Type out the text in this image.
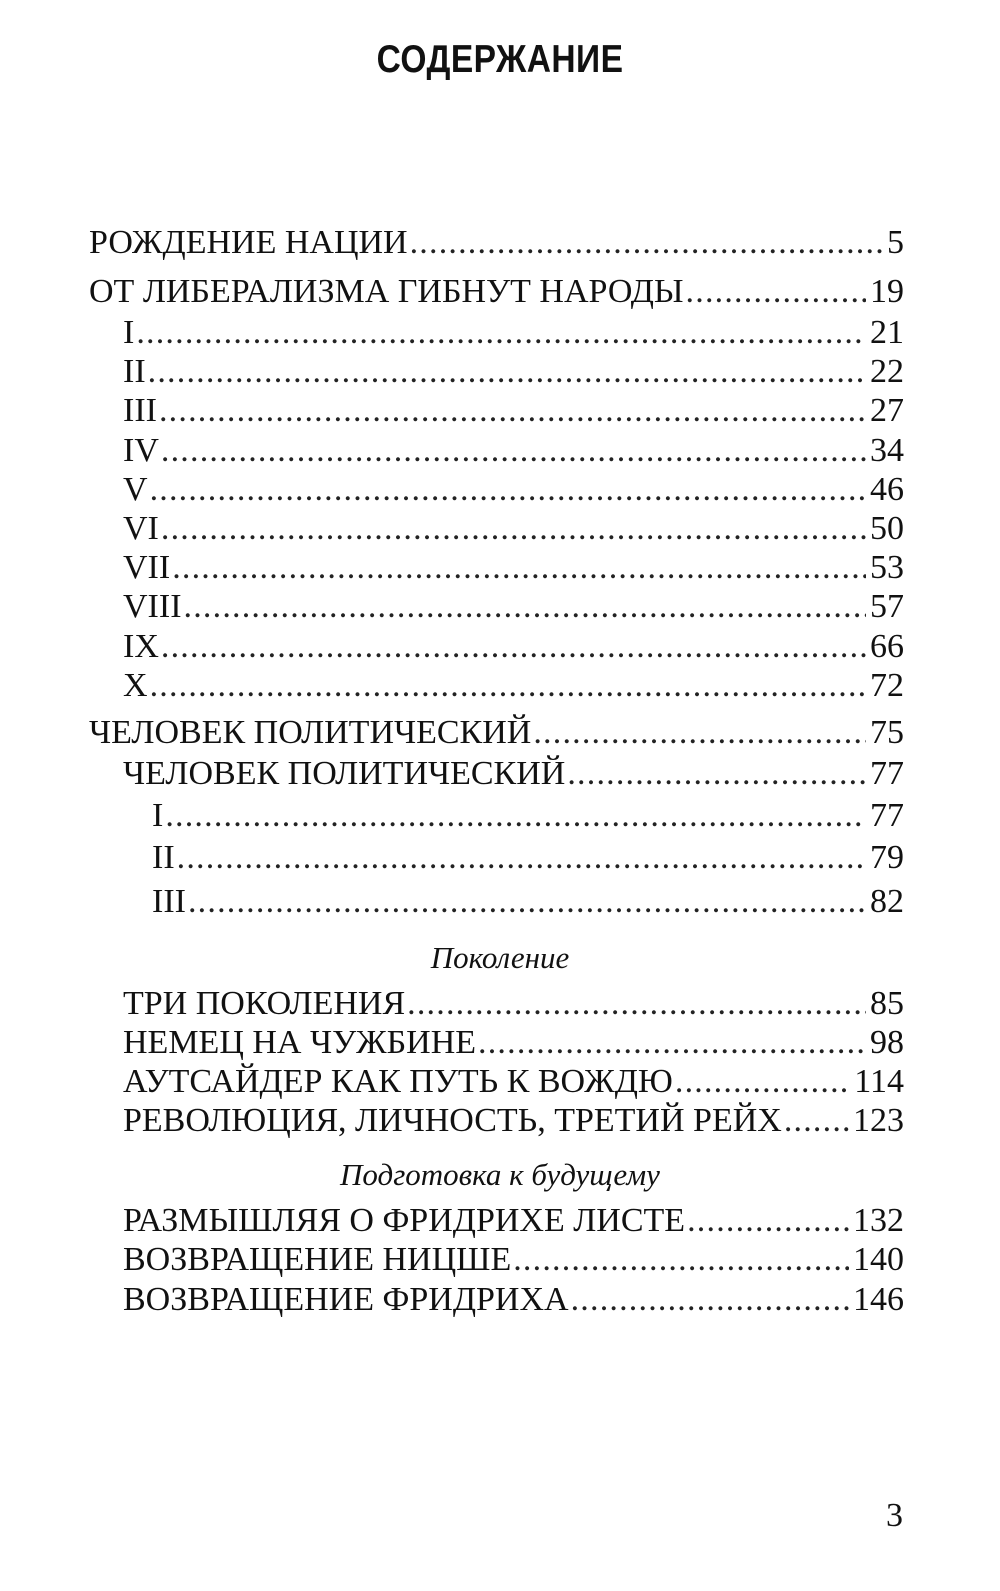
СОДЕРЖАНИЕ
РОЖДЕНИЕ НАЦИИ .....	5
ОТ ЛИБЕРАЛИЗМА ГИБНУТ НАРОДЫ .....	19
I .....	21
II .....	22
III .....	27
IV .....	34
V .....	46
VI .....	50
VII .....	53
VIII .....	57
IX .....	66
X .....	72
ЧЕЛОВЕК ПОЛИТИЧЕСКИЙ .....	75
ЧЕЛОВЕК ПОЛИТИЧЕСКИЙ .....	77
I .....	77
II .....	79
III .....	82
Поколение
ТРИ ПОКОЛЕНИЯ .....	85
НЕМЕЦ НА ЧУЖБИНЕ .....	98
АУТСАЙДЕР КАК ПУТЬ К ВОЖДЮ .....	114
РЕВОЛЮЦИЯ, ЛИЧНОСТЬ, ТРЕТИЙ РЕЙХ ..... 123
Подготовка к будущему
РАЗМЫШЛЯЯ О ФРИДРИХЕ ЛИСТЕ .....	132
ВОЗВРАЩЕНИЕ НИЦШЕ .....	140
ВОЗВРАЩЕНИЕ ФРИДРИХА .....	146
3
